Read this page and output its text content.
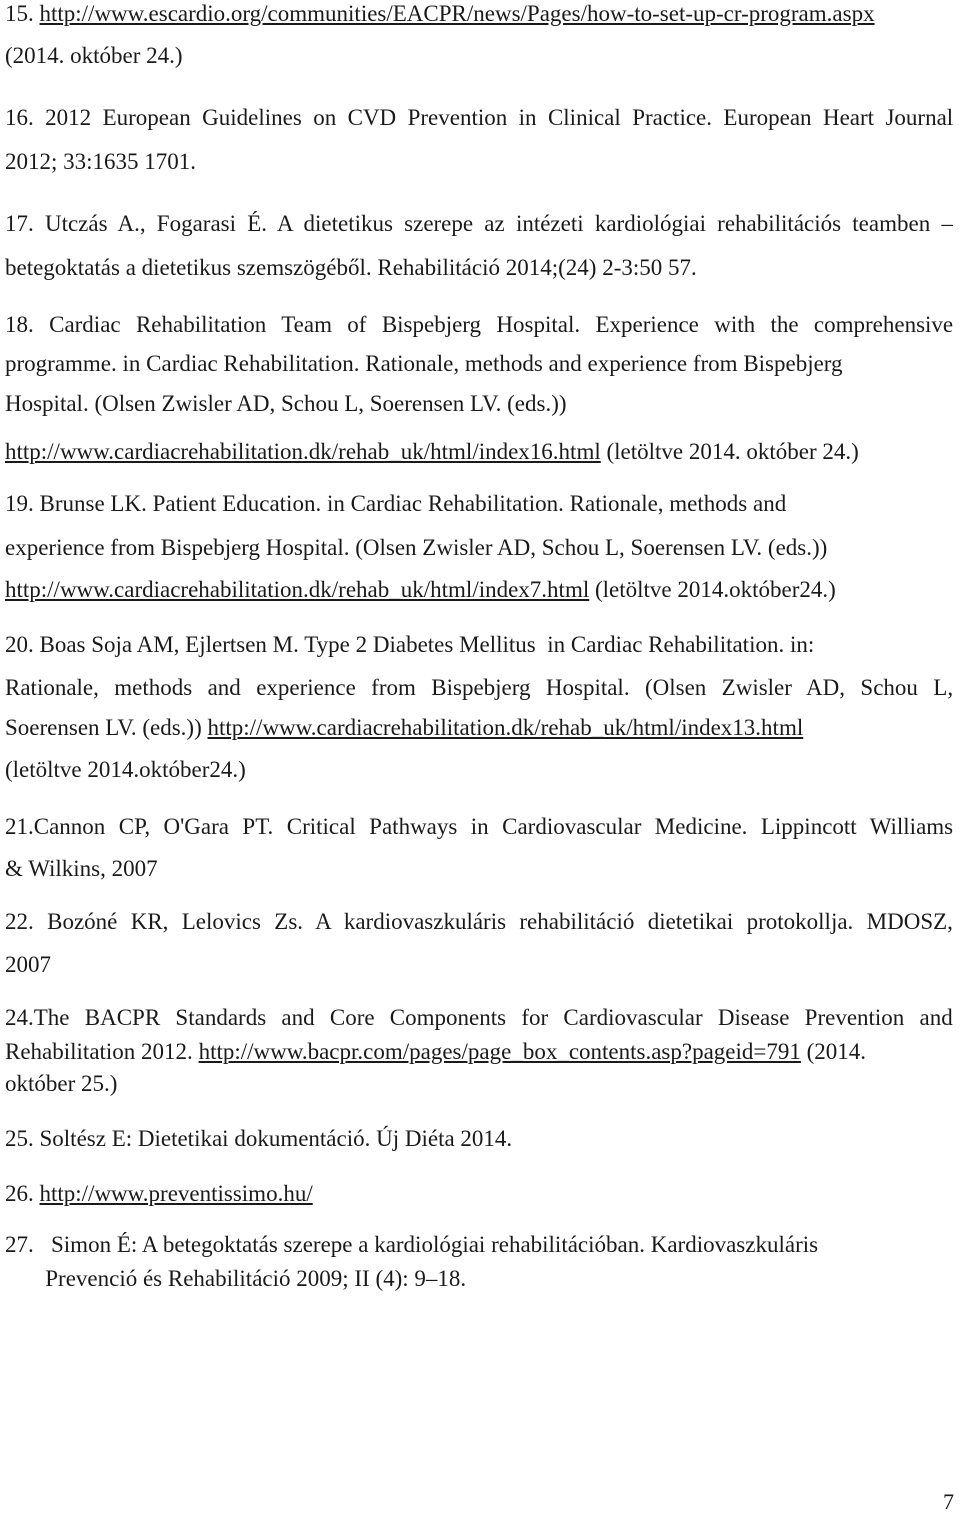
15. http://www.escardio.org/communities/EACPR/news/Pages/how-to-set-up-cr-program.aspx
(2014. október 24.)
16. 2012 European Guidelines on CVD Prevention in Clinical Practice. European Heart Journal
2012; 33:1635 1701.
17. Utczás A., Fogarasi É. A dietetikus szerepe az intézeti kardiológiai rehabilitációs teamben –
betegoktatás a dietetikus szemszögéből. Rehabilitáció 2014;(24) 2-3:50 57.
18. Cardiac Rehabilitation Team of Bispebjerg Hospital. Experience with the comprehensive
programme. in Cardiac Rehabilitation. Rationale, methods and experience from Bispebjerg
Hospital. (Olsen Zwisler AD, Schou L, Soerensen LV. (eds.))
http://www.cardiacrehabilitation.dk/rehab_uk/html/index16.html (letöltve 2014. október 24.)
19. Brunse LK. Patient Education. in Cardiac Rehabilitation. Rationale, methods and
experience from Bispebjerg Hospital. (Olsen Zwisler AD, Schou L, Soerensen LV. (eds.))
http://www.cardiacrehabilitation.dk/rehab_uk/html/index7.html (letöltve 2014.október24.)
20. Boas Soja AM, Ejlertsen M. Type 2 Diabetes Mellitus  in Cardiac Rehabilitation. in:
Rationale, methods and experience from Bispebjerg Hospital. (Olsen Zwisler AD, Schou L,
Soerensen LV. (eds.)) http://www.cardiacrehabilitation.dk/rehab_uk/html/index13.html
(letöltve 2014.október24.)
21.Cannon CP, O'Gara PT. Critical Pathways in Cardiovascular Medicine. Lippincott Williams
& Wilkins, 2007
22. Bozóné KR, Lelovics Zs. A kardiovaszkuláris rehabilitáció dietetikai protokollja. MDOSZ,
2007
24.The BACPR Standards and Core Components for Cardiovascular Disease Prevention and
Rehabilitation 2012. http://www.bacpr.com/pages/page_box_contents.asp?pageid=791 (2014.
október 25.)
25. Soltész E: Dietetikai dokumentáció. Új Diéta 2014.
26. http://www.preventissimo.hu/
27.   Simon É: A betegoktatás szerepe a kardiológiai rehabilitációban. Kardiovaszkuláris
Prevenció és Rehabilitáció 2009; II (4): 9–18.
7
